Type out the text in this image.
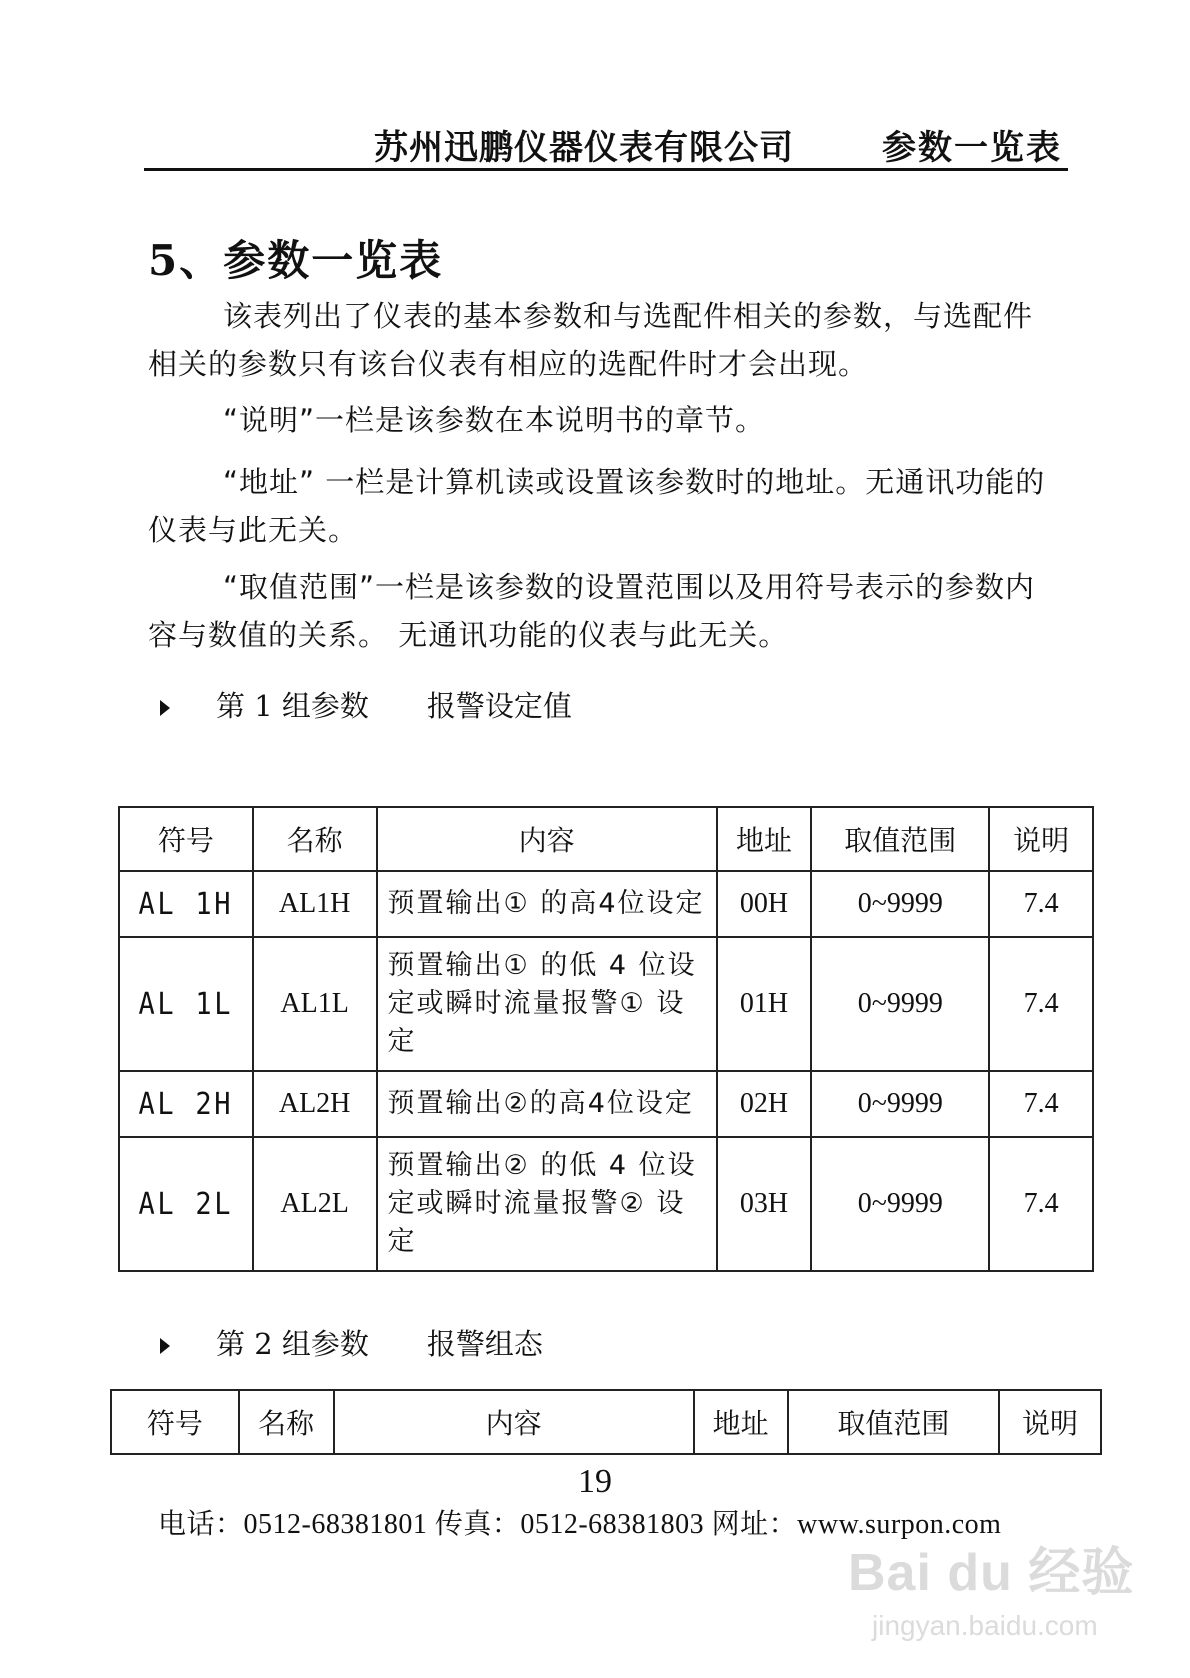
苏州迅鹏仪器仪表有限公司	参数一览表
5、参数一览表

该表列出了仪表的基本参数和与选配件相关的参数，与选配件相关的参数只有该台仪表有相应的选配件时才会出现。

“说明”一栏是该参数在本说明书的章节。

“地址” 一栏是计算机读或设置该参数时的地址。无通讯功能的仪表与此无关。

“取值范围”一栏是该参数的设置范围以及用符号表示的参数内容与数值的关系。 无通讯功能的仪表与此无关。

第 1 组参数 报警设定值
符号	名称	内容	地址	取值范围	说明
AL 1H	AL1H	预置输出① 的高4位设定	00H	0~9999	7.4
AL 1L	AL1L	预置输出① 的低 4 位设定或瞬时流量报警① 设定	01H	0~9999	7.4
AL 2H	AL2H	预置输出②的高4位设定	02H	0~9999	7.4
AL 2L	AL2L	预置输出② 的低 4 位设定或瞬时流量报警② 设定	03H	0~9999	7.4
第 2 组参数 报警组态
符号	名称	内容	地址	取值范围	说明
19
电话：0512-68381801 传真：0512-68381803 网址：www.surpon.com
Bai du 经验
jingyan.baidu.com
